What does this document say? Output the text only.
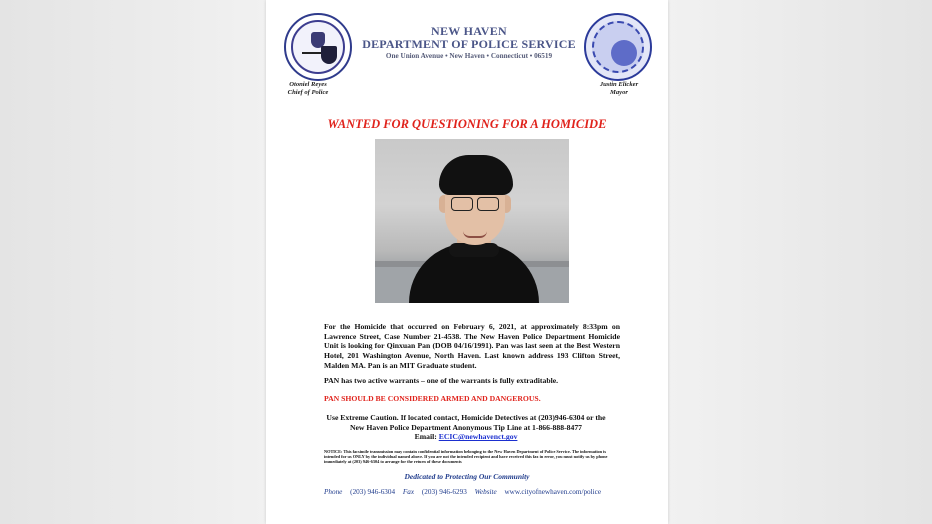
NEW HAVEN
DEPARTMENT OF POLICE SERVICE
One Union Avenue • New Haven • Connecticut • 06519
Otoniel Reyes
Chief of Police
Justin Elicker
Mayor
WANTED FOR QUESTIONING FOR A HOMICIDE
For the Homicide that occurred on February 6, 2021, at approximately 8:33pm on Lawrence Street, Case Number 21-4538. The New Haven Police Department Homicide Unit is looking for Qinxuan Pan (DOB 04/16/1991). Pan was last seen at the Best Western Hotel, 201 Washington Avenue, North Haven. Last known address 193 Clifton Street, Malden MA. Pan is an MIT Graduate student.
PAN has two active warrants – one of the warrants is fully extraditable.
PAN SHOULD BE CONSIDERED ARMED AND DANGEROUS.
Use Extreme Caution. If located contact, Homicide Detectives at (203)946-6304 or the
New Haven Police Department Anonymous Tip Line at 1-866-888-8477
Email: ECIC@newhavenct.gov
NOTICE: This facsimile transmission may contain confidential information belonging to the New Haven Department of Police Service. The information is intended for us ONLY by the individual named above. If you are not the intended recipient and have received this fax in error, you must notify us by phone immediately at (203) 946-6304 to arrange for the return of these documents
Dedicated to Protecting Our Community
Phone (203) 946-6304 Fax (203) 946-6293 Website www.cityofnewhaven.com/police
